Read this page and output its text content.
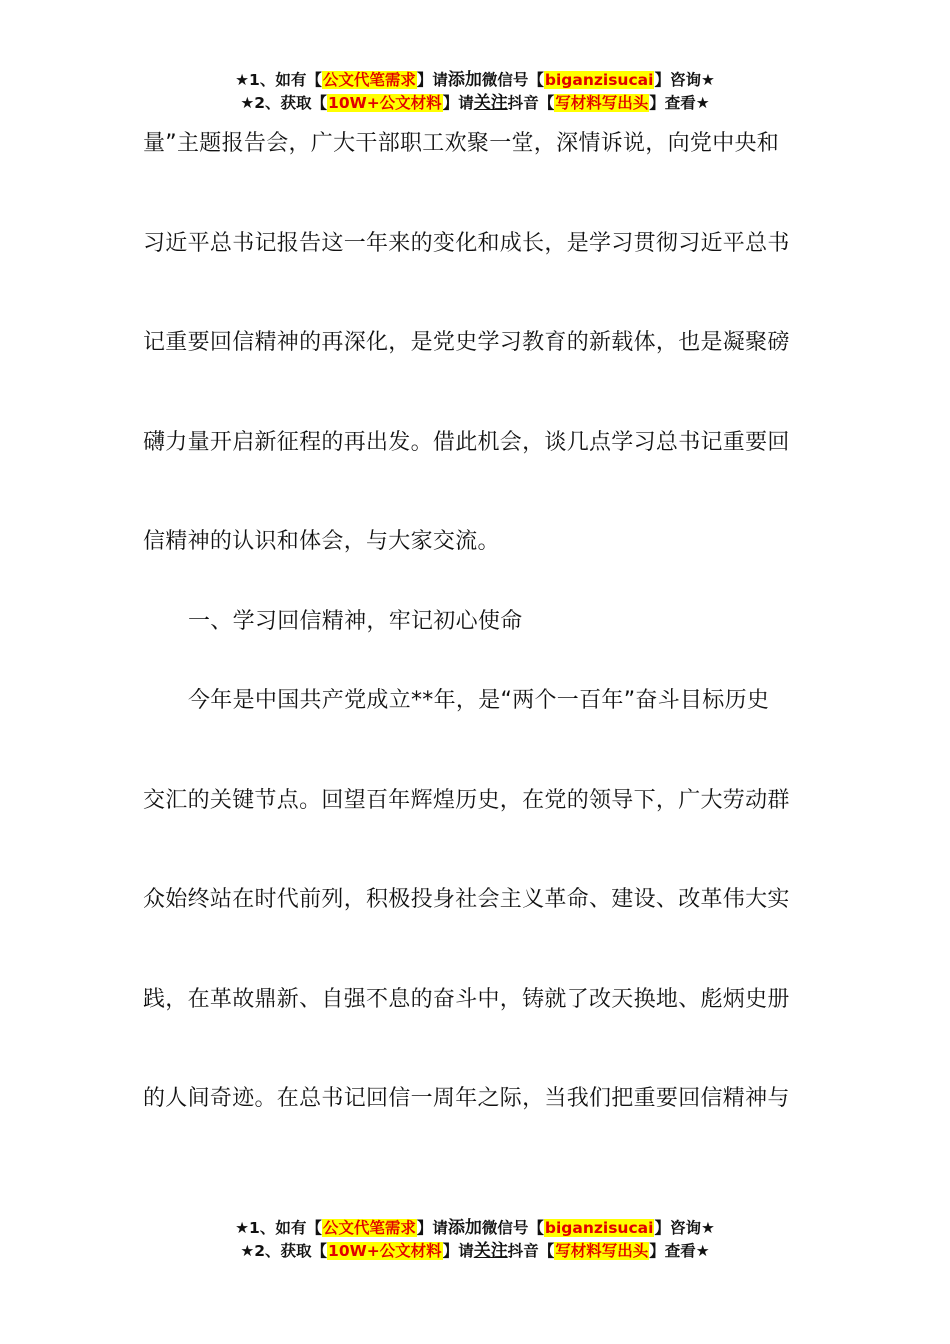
★1、如有【公文代笔需求】请添加微信号【biganzisucai】咨询★
★2、获取【10W+公文材料】请关注抖音【写材料写出头】查看★
量”主题报告会，广大干部职工欢聚一堂，深情诉说，向党中央和
习近平总书记报告这一年来的变化和成长，是学习贯彻习近平总书
记重要回信精神的再深化，是党史学习教育的新载体，也是凝聚磅
礴力量开启新征程的再出发。借此机会，谈几点学习总书记重要回
信精神的认识和体会，与大家交流。
一、学习回信精神，牢记初心使命
今年是中国共产党成立**年，是“两个一百年”奋斗目标历史
交汇的关键节点。回望百年辉煌历史，在党的领导下，广大劳动群
众始终站在时代前列，积极投身社会主义革命、建设、改革伟大实
践，在革故鼎新、自强不息的奋斗中，铸就了改天换地、彪炳史册
的人间奇迹。在总书记回信一周年之际，当我们把重要回信精神与
★1、如有【公文代笔需求】请添加微信号【biganzisucai】咨询★
★2、获取【10W+公文材料】请关注抖音【写材料写出头】查看★
